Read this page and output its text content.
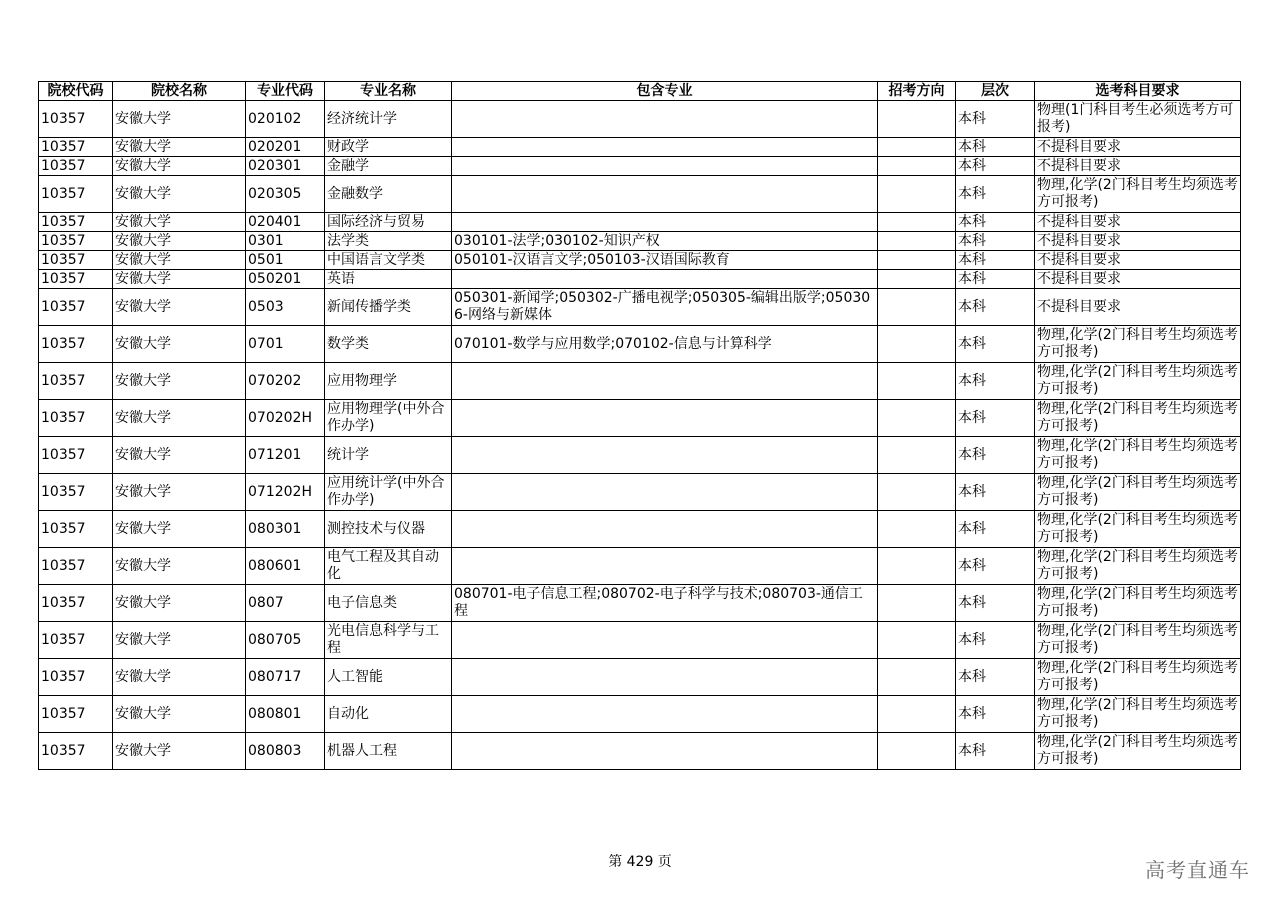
院校代码	院校名称	专业代码	专业名称	包含专业	招考方向	层次	选考科目要求
10357	安徽大学	020102	经济统计学			本科	物理(1门科目考生必须选考方可报考)
10357	安徽大学	020201	财政学			本科	不提科目要求
10357	安徽大学	020301	金融学			本科	不提科目要求
10357	安徽大学	020305	金融数学			本科	物理,化学(2门科目考生均须选考方可报考)
10357	安徽大学	020401	国际经济与贸易			本科	不提科目要求
10357	安徽大学	0301	法学类	030101-法学;030102-知识产权		本科	不提科目要求
10357	安徽大学	0501	中国语言文学类	050101-汉语言文学;050103-汉语国际教育		本科	不提科目要求
10357	安徽大学	050201	英语			本科	不提科目要求
10357	安徽大学	0503	新闻传播学类	050301-新闻学;050302-广播电视学;050305-编辑出版学;050306-网络与新媒体		本科	不提科目要求
10357	安徽大学	0701	数学类	070101-数学与应用数学;070102-信息与计算科学		本科	物理,化学(2门科目考生均须选考方可报考)
10357	安徽大学	070202	应用物理学			本科	物理,化学(2门科目考生均须选考方可报考)
10357	安徽大学	070202H	应用物理学(中外合作办学)			本科	物理,化学(2门科目考生均须选考方可报考)
10357	安徽大学	071201	统计学			本科	物理,化学(2门科目考生均须选考方可报考)
10357	安徽大学	071202H	应用统计学(中外合作办学)			本科	物理,化学(2门科目考生均须选考方可报考)
10357	安徽大学	080301	测控技术与仪器			本科	物理,化学(2门科目考生均须选考方可报考)
10357	安徽大学	080601	电气工程及其自动化			本科	物理,化学(2门科目考生均须选考方可报考)
10357	安徽大学	0807	电子信息类	080701-电子信息工程;080702-电子科学与技术;080703-通信工程		本科	物理,化学(2门科目考生均须选考方可报考)
10357	安徽大学	080705	光电信息科学与工程			本科	物理,化学(2门科目考生均须选考方可报考)
10357	安徽大学	080717	人工智能			本科	物理,化学(2门科目考生均须选考方可报考)
10357	安徽大学	080801	自动化			本科	物理,化学(2门科目考生均须选考方可报考)
10357	安徽大学	080803	机器人工程			本科	物理,化学(2门科目考生均须选考方可报考)
第 429 页	高考直通车
